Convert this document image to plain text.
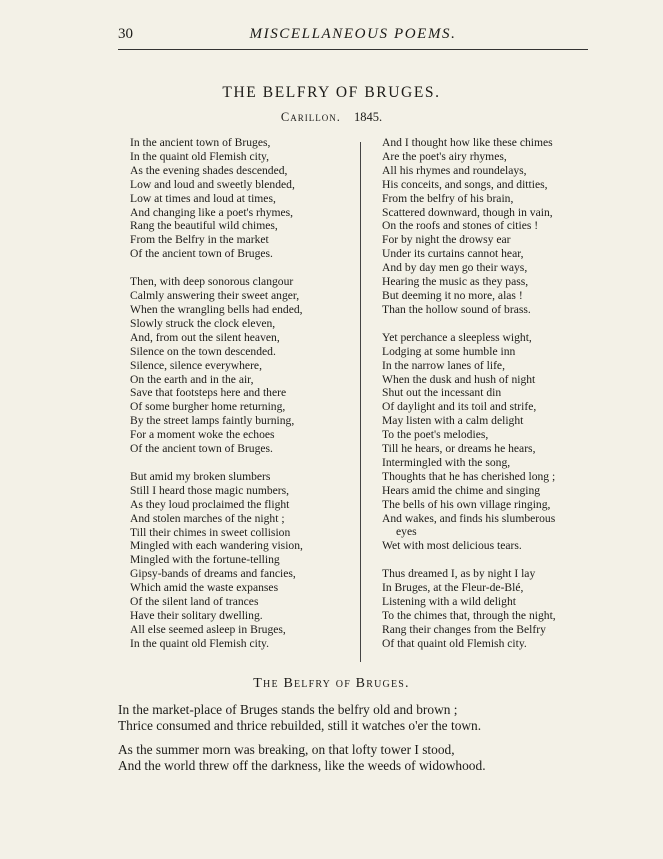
30	MISCELLANEOUS POEMS.
THE BELFRY OF BRUGES.
Carillon. 1845.
In the ancient town of Bruges,
In the quaint old Flemish city,
As the evening shades descended,
Low and loud and sweetly blended,
Low at times and loud at times,
And changing like a poet's rhymes,
Rang the beautiful wild chimes,
From the Belfry in the market
Of the ancient town of Bruges.
Then, with deep sonorous clangour
Calmly answering their sweet anger,
When the wrangling bells had ended,
Slowly struck the clock eleven,
And, from out the silent heaven,
Silence on the town descended.
Silence, silence everywhere,
On the earth and in the air,
Save that footsteps here and there
Of some burgher home returning,
By the street lamps faintly burning,
For a moment woke the echoes
Of the ancient town of Bruges.
But amid my broken slumbers
Still I heard those magic numbers,
As they loud proclaimed the flight
And stolen marches of the night ;
Till their chimes in sweet collision
Mingled with each wandering vision,
Mingled with the fortune-telling
Gipsy-bands of dreams and fancies,
Which amid the waste expanses
Of the silent land of trances
Have their solitary dwelling.
All else seemed asleep in Bruges,
In the quaint old Flemish city.
And I thought how like these chimes
Are the poet's airy rhymes,
All his rhymes and roundelays,
His conceits, and songs, and ditties,
From the belfry of his brain,
Scattered downward, though in vain,
On the roofs and stones of cities !
For by night the drowsy ear
Under its curtains cannot hear,
And by day men go their ways,
Hearing the music as they pass,
But deeming it no more, alas !
Than the hollow sound of brass.
Yet perchance a sleepless wight,
Lodging at some humble inn
In the narrow lanes of life,
When the dusk and hush of night
Shut out the incessant din
Of daylight and its toil and strife,
May listen with a calm delight
To the poet's melodies,
Till he hears, or dreams he hears,
Intermingled with the song,
Thoughts that he has cherished long ;
Hears amid the chime and singing
The bells of his own village ringing,
And wakes, and finds his slumberous
eyes
Wet with most delicious tears.
Thus dreamed I, as by night I lay
In Bruges, at the Fleur-de-Blé,
Listening with a wild delight
To the chimes that, through the night,
Rang their changes from the Belfry
Of that quaint old Flemish city.
The Belfry of Bruges.
In the market-place of Bruges stands the belfry old and brown ;
Thrice consumed and thrice rebuilded, still it watches o'er the town.
As the summer morn was breaking, on that lofty tower I stood,
And the world threw off the darkness, like the weeds of widowhood.
